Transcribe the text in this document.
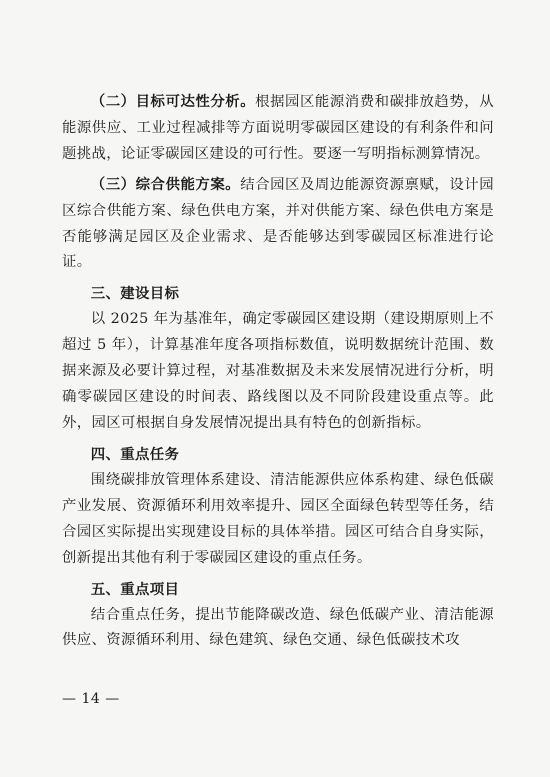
（二）目标可达性分析。根据园区能源消费和碳排放趋势，从能源供应、工业过程减排等方面说明零碳园区建设的有利条件和问题挑战，论证零碳园区建设的可行性。要逐一写明指标测算情况。

（三）综合供能方案。结合园区及周边能源资源禀赋，设计园区综合供能方案、绿色供电方案，并对供能方案、绿色供电方案是否能够满足园区及企业需求、是否能够达到零碳园区标准进行论证。

三、建设目标

以 2025 年为基准年，确定零碳园区建设期（建设期原则上不超过 5 年），计算基准年度各项指标数值，说明数据统计范围、数据来源及必要计算过程，对基准数据及未来发展情况进行分析，明确零碳园区建设的时间表、路线图以及不同阶段建设重点等。此外，园区可根据自身发展情况提出具有特色的创新指标。

四、重点任务

围绕碳排放管理体系建设、清洁能源供应体系构建、绿色低碳产业发展、资源循环利用效率提升、园区全面绿色转型等任务，结合园区实际提出实现建设目标的具体举措。园区可结合自身实际，创新提出其他有利于零碳园区建设的重点任务。

五、重点项目

结合重点任务，提出节能降碳改造、绿色低碳产业、清洁能源供应、资源循环利用、绿色建筑、绿色交通、绿色低碳技术攻

— 14 —
